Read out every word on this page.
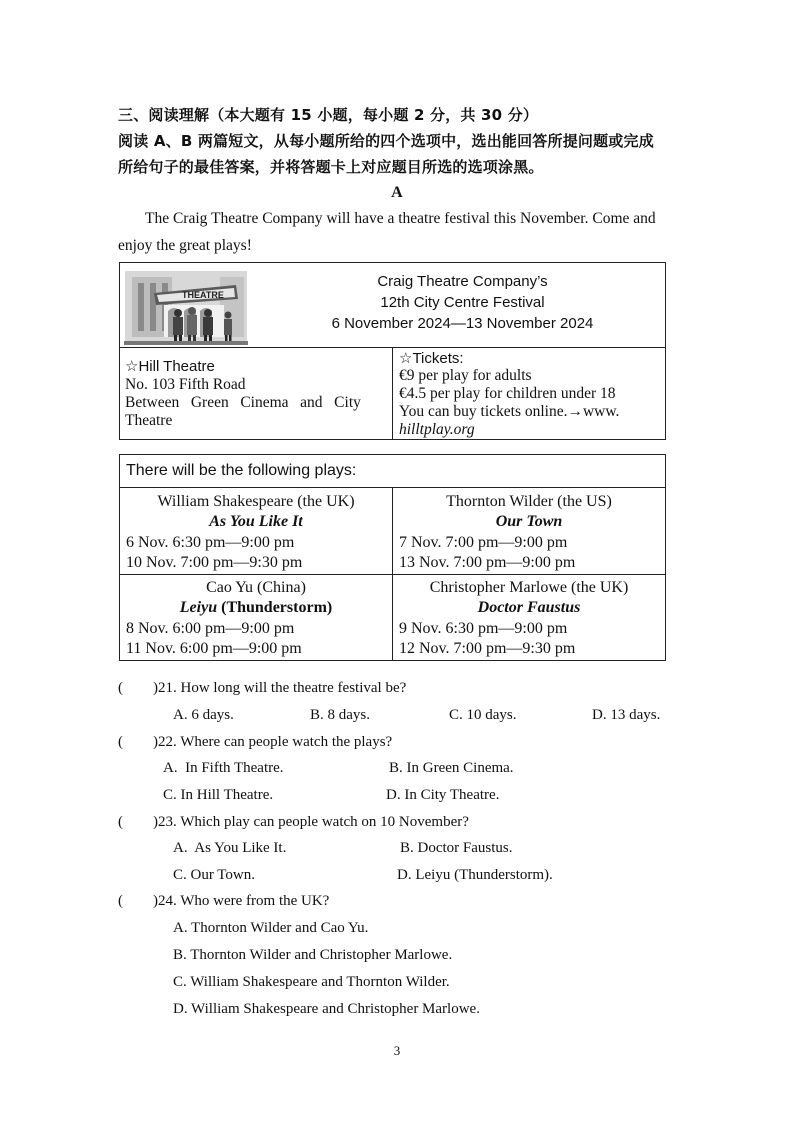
三、阅读理解（本大题有 15 小题，每小题 2 分，共 30 分）
阅读 A、B 两篇短文，从每小题所给的四个选项中，选出能回答所提问题或完成
所给句子的最佳答案，并将答题卡上对应题目所选的选项涂黑。
A
The Craig Theatre Company will have a theatre festival this November. Come and
enjoy the great plays!
THEATRE
Craig Theatre Company’s
12th City Centre Festival
6 November 2024—13 November 2024
☆Hill Theatre
No. 103 Fifth Road
Between   Green   Cinema   and   City
Theatre
☆Tickets:
€9 per play for adults
€4.5 per play for children under 18
You can buy tickets online.→www.
hilltplay.org
There will be the following plays:
William Shakespeare (the UK)
As You Like It
6 Nov. 6:30 pm—9:00 pm
10 Nov. 7:00 pm—9:30 pm
Thornton Wilder (the US)
Our Town
7 Nov. 7:00 pm—9:00 pm
13 Nov. 7:00 pm—9:00 pm
Cao Yu (China)
Leiyu (Thunderstorm)
8 Nov. 6:00 pm—9:00 pm
11 Nov. 6:00 pm—9:00 pm
Christopher Marlowe (the UK)
Doctor Faustus
9 Nov. 6:30 pm—9:00 pm
12 Nov. 7:00 pm—9:30 pm
(        )21. How long will the theatre festival be?
A. 6 days.	B. 8 days.	C. 10 days.	D. 13 days.
(        )22. Where can people watch the plays?
A.  In Fifth Theatre.	B. In Green Cinema.
C. In Hill Theatre.	D. In City Theatre.
(        )23. Which play can people watch on 10 November?
A.  As You Like It.	B. Doctor Faustus.
C. Our Town.	D. Leiyu (Thunderstorm).
(        )24. Who were from the UK?
A. Thornton Wilder and Cao Yu.
B. Thornton Wilder and Christopher Marlowe.
C. William Shakespeare and Thornton Wilder.
D. William Shakespeare and Christopher Marlowe.
3
